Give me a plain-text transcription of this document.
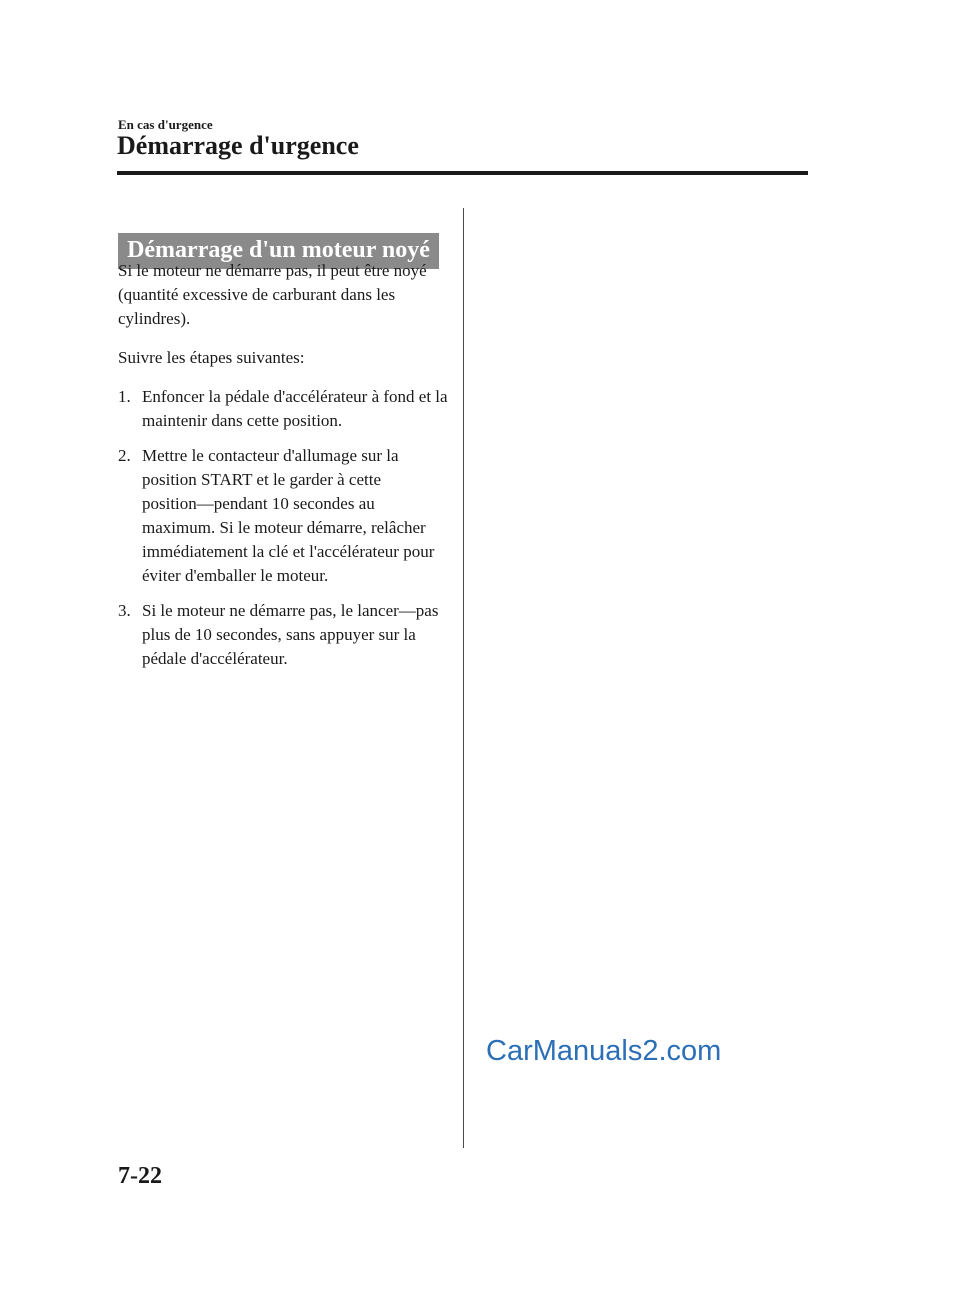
En cas d'urgence
Démarrage d'urgence
Démarrage d'un moteur noyé

Si le moteur ne démarre pas, il peut être noyé (quantité excessive de carburant dans les cylindres).

Suivre les étapes suivantes:

1. Enfoncer la pédale d'accélérateur à fond et la maintenir dans cette position.
2. Mettre le contacteur d'allumage sur la position START et le garder à cette position―pendant 10 secondes au maximum. Si le moteur démarre, relâcher immédiatement la clé et l'accélérateur pour éviter d'emballer le moteur.
3. Si le moteur ne démarre pas, le lancer―pas plus de 10 secondes, sans appuyer sur la pédale d'accélérateur.
CarManuals2.com
7-22
